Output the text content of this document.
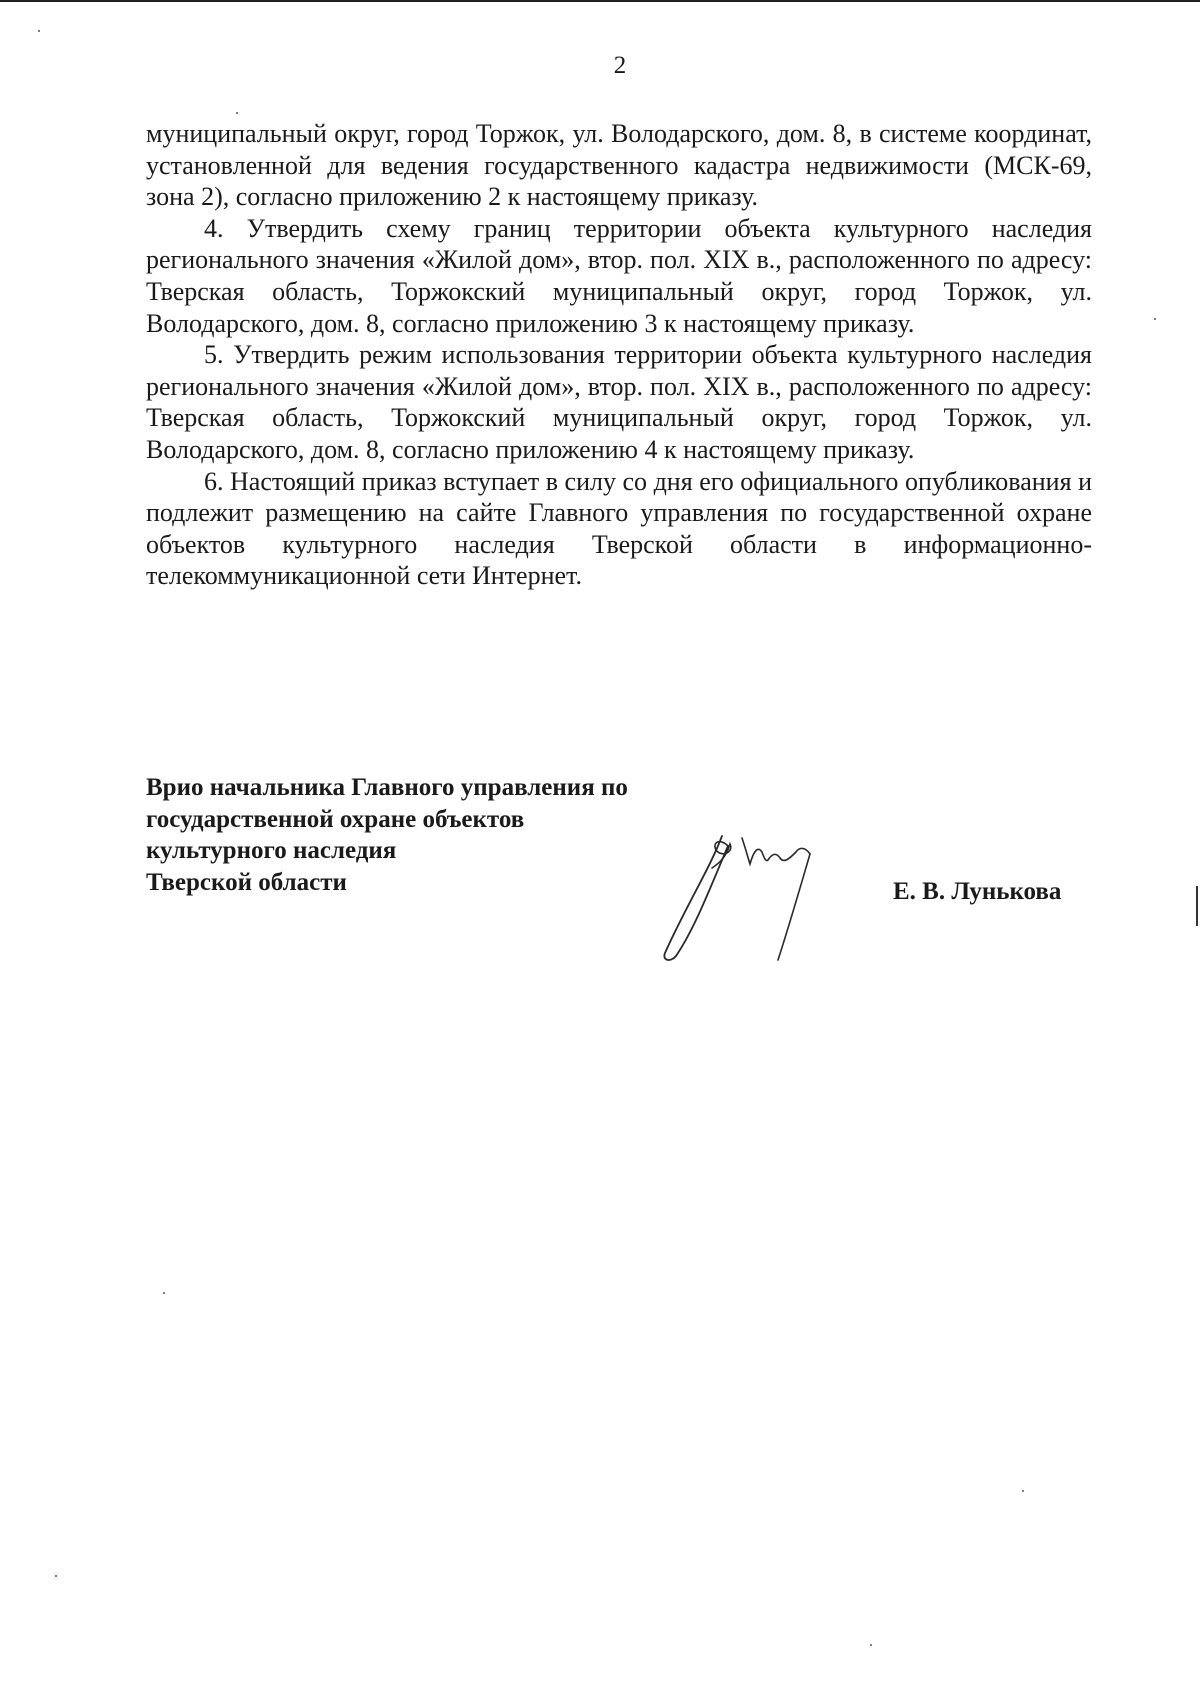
2

муниципальный округ, город Торжок, ул. Володарского, дом. 8, в системе координат, установленной для ведения государственного кадастра недвижимости (МСК-69, зона 2), согласно приложению 2 к настоящему приказу.

4. Утвердить схему границ территории объекта культурного наследия регионального значения «Жилой дом», втор. пол. XIX в., расположенного по адресу: Тверская область, Торжокский муниципальный округ, город Торжок, ул. Володарского, дом. 8, согласно приложению 3 к настоящему приказу.

5. Утвердить режим использования территории объекта культурного наследия регионального значения «Жилой дом», втор. пол. XIX в., расположенного по адресу: Тверская область, Торжокский муниципальный округ, город Торжок, ул. Володарского, дом. 8, согласно приложению 4 к настоящему приказу.

6. Настоящий приказ вступает в силу со дня его официального опубликования и подлежит размещению на сайте Главного управления по государственной охране объектов культурного наследия Тверской области в информационно-телекоммуникационной сети Интернет.

Врио начальника Главного управления по
государственной охране объектов
культурного наследия
Тверской области	Е. В. Лунькова
